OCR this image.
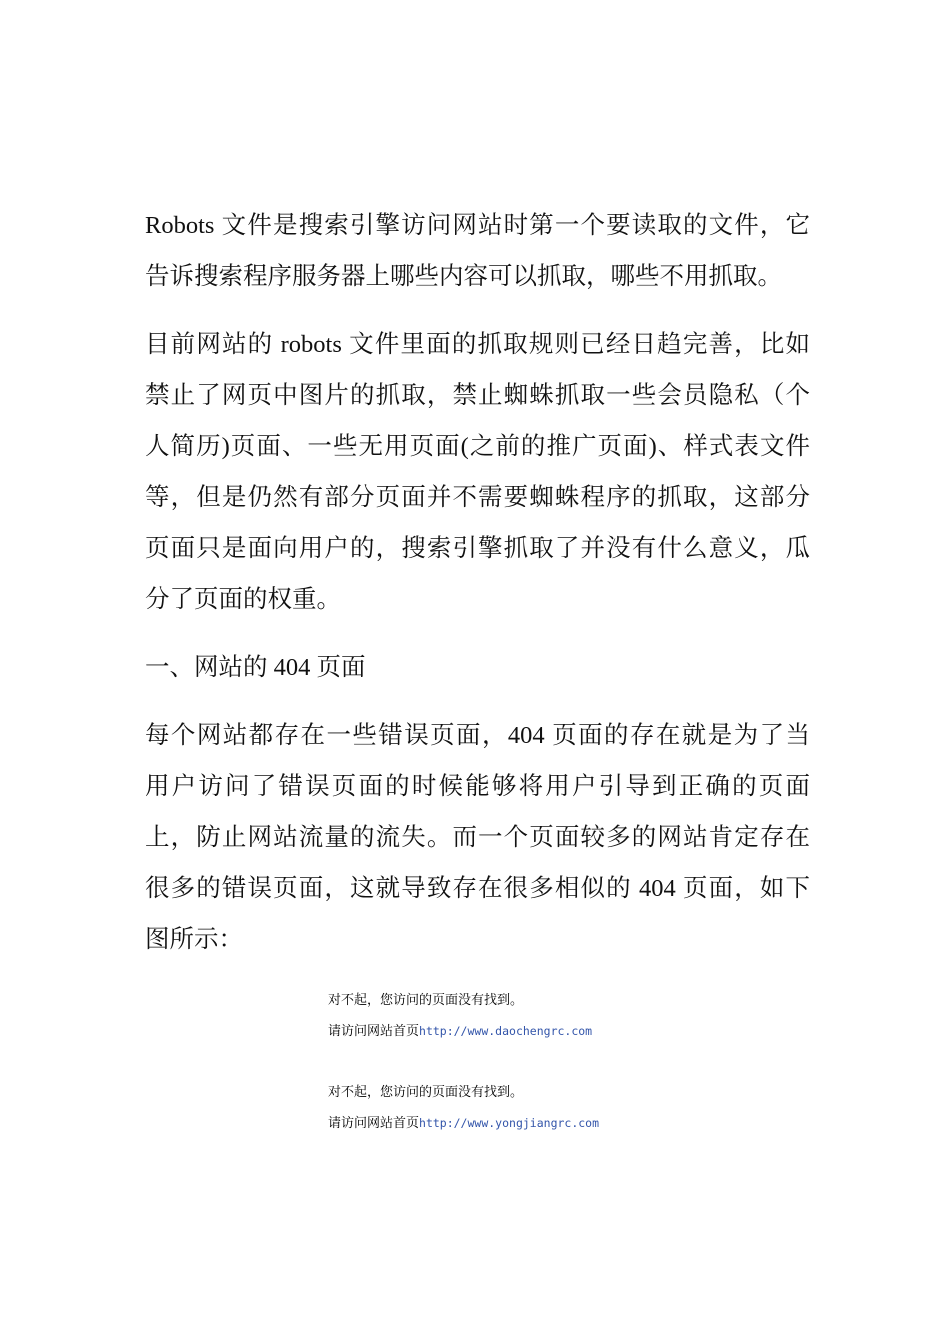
Robots 文件是搜索引擎访问网站时第一个要读取的文件，它
告诉搜索程序服务器上哪些内容可以抓取，哪些不用抓取。
目前网站的 robots 文件里面的抓取规则已经日趋完善，比如
禁止了网页中图片的抓取，禁止蜘蛛抓取一些会员隐私（个
人简历)页面、一些无用页面(之前的推广页面)、样式表文件
等，但是仍然有部分页面并不需要蜘蛛程序的抓取，这部分
页面只是面向用户的，搜索引擎抓取了并没有什么意义，瓜
分了页面的权重。
一、网站的 404 页面
每个网站都存在一些错误页面，404 页面的存在就是为了当
用户访问了错误页面的时候能够将用户引导到正确的页面
上，防止网站流量的流失。而一个页面较多的网站肯定存在
很多的错误页面，这就导致存在很多相似的 404 页面，如下
图所示：
对不起，您访问的页面没有找到。
请访问网站首页http://www.daochengrc.com
对不起，您访问的页面没有找到。
请访问网站首页http://www.yongjiangrc.com
